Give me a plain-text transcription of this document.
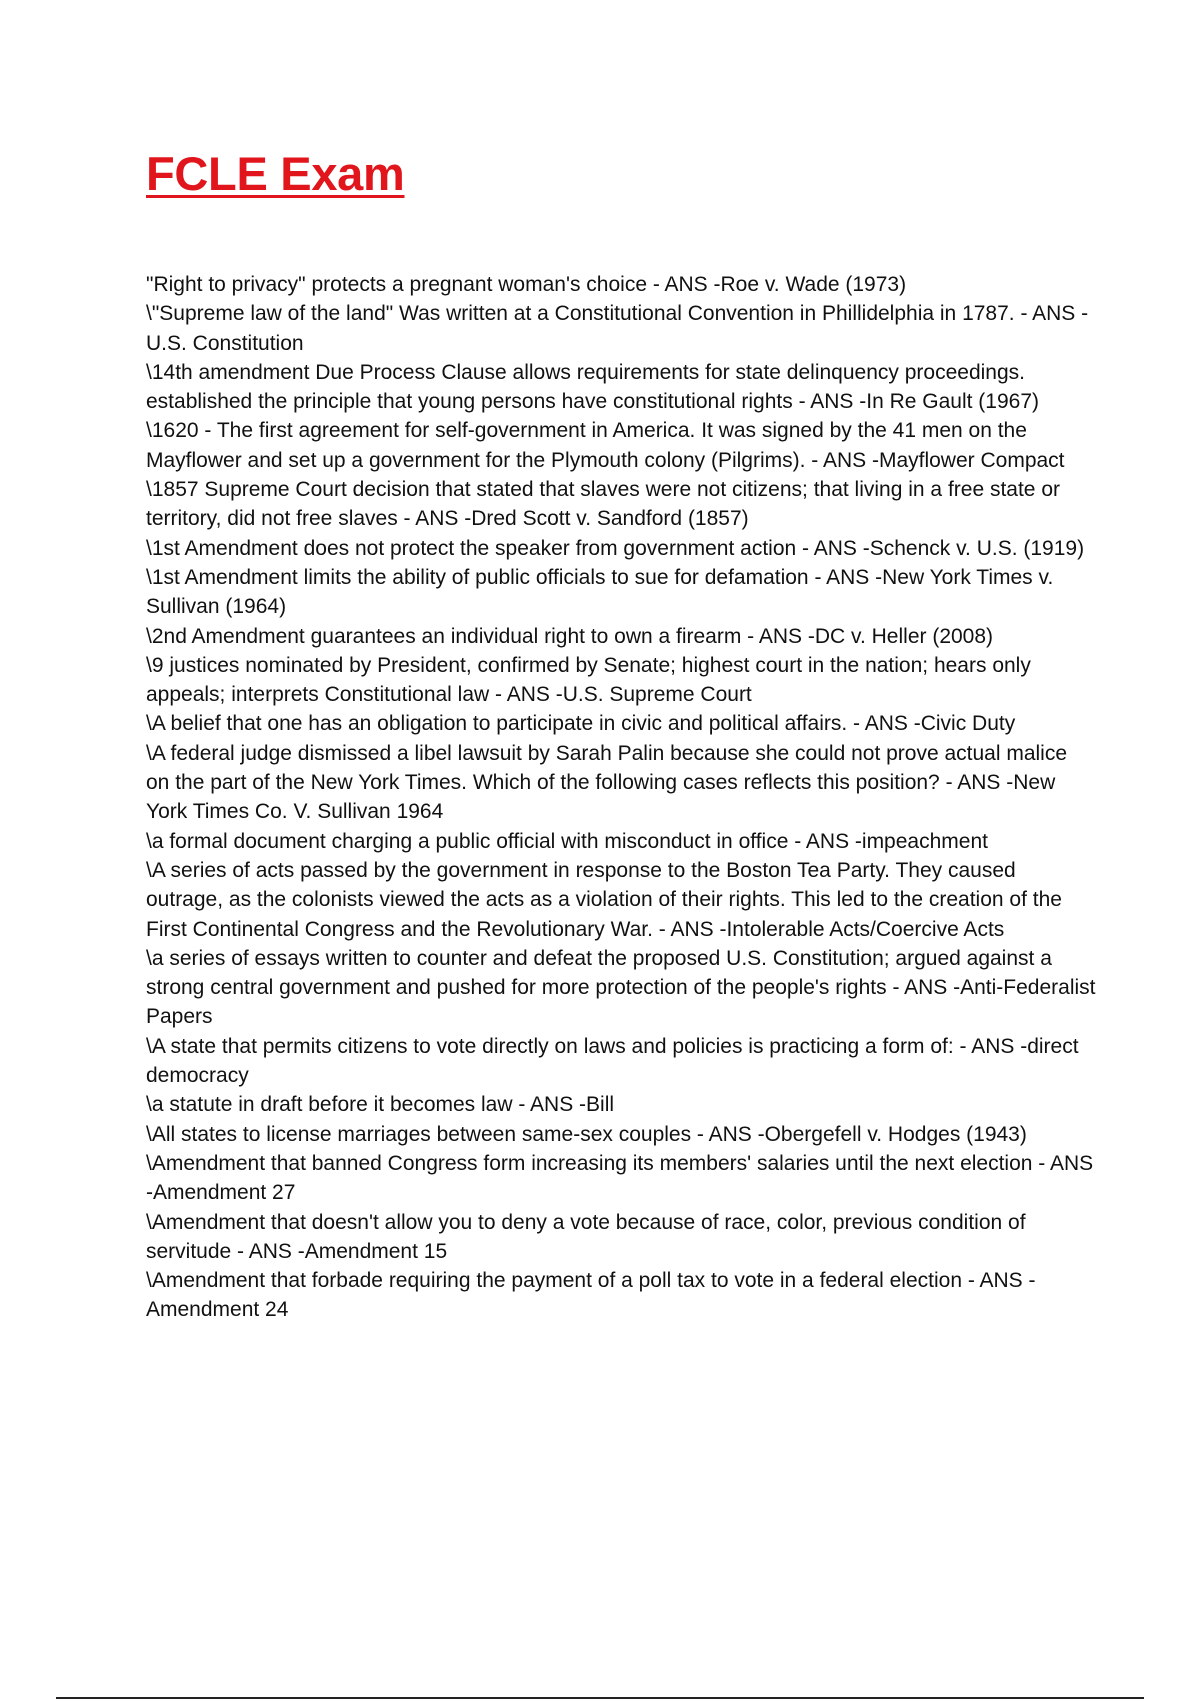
FCLE Exam
"Right to privacy" protects a pregnant woman's choice - ANS -Roe v. Wade (1973)
\"Supreme law of the land" Was written at a Constitutional Convention in Phillidelphia in 1787. - ANS -U.S. Constitution
\14th amendment Due Process Clause allows requirements for state delinquency proceedings. established the principle that young persons have constitutional rights - ANS -In Re Gault (1967)
\1620 - The first agreement for self-government in America. It was signed by the 41 men on the Mayflower and set up a government for the Plymouth colony (Pilgrims). - ANS -Mayflower Compact
\1857 Supreme Court decision that stated that slaves were not citizens; that living in a free state or territory, did not free slaves - ANS -Dred Scott v. Sandford (1857)
\1st Amendment does not protect the speaker from government action - ANS -Schenck v. U.S. (1919)
\1st Amendment limits the ability of public officials to sue for defamation - ANS -New York Times v. Sullivan (1964)
\2nd Amendment guarantees an individual right to own a firearm - ANS -DC v. Heller (2008)
\9 justices nominated by President, confirmed by Senate; highest court in the nation; hears only appeals; interprets Constitutional law - ANS -U.S. Supreme Court
\A belief that one has an obligation to participate in civic and political affairs. - ANS -Civic Duty
\A federal judge dismissed a libel lawsuit by Sarah Palin because she could not prove actual malice on the part of the New York Times. Which of the following cases reflects this position? - ANS -New York Times Co. V. Sullivan 1964
\a formal document charging a public official with misconduct in office - ANS -impeachment
\A series of acts passed by the government in response to the Boston Tea Party. They caused outrage, as the colonists viewed the acts as a violation of their rights. This led to the creation of the First Continental Congress and the Revolutionary War. - ANS -Intolerable Acts/Coercive Acts
\a series of essays written to counter and defeat the proposed U.S. Constitution; argued against a strong central government and pushed for more protection of the people's rights - ANS -Anti-Federalist Papers
\A state that permits citizens to vote directly on laws and policies is practicing a form of: - ANS -direct democracy
\a statute in draft before it becomes law - ANS -Bill
\All states to license marriages between same-sex couples - ANS -Obergefell v. Hodges (1943)
\Amendment that banned Congress form increasing its members' salaries until the next election - ANS -Amendment 27
\Amendment that doesn't allow you to deny a vote because of race, color, previous condition of servitude - ANS -Amendment 15
\Amendment that forbade requiring the payment of a poll tax to vote in a federal election - ANS -Amendment 24
